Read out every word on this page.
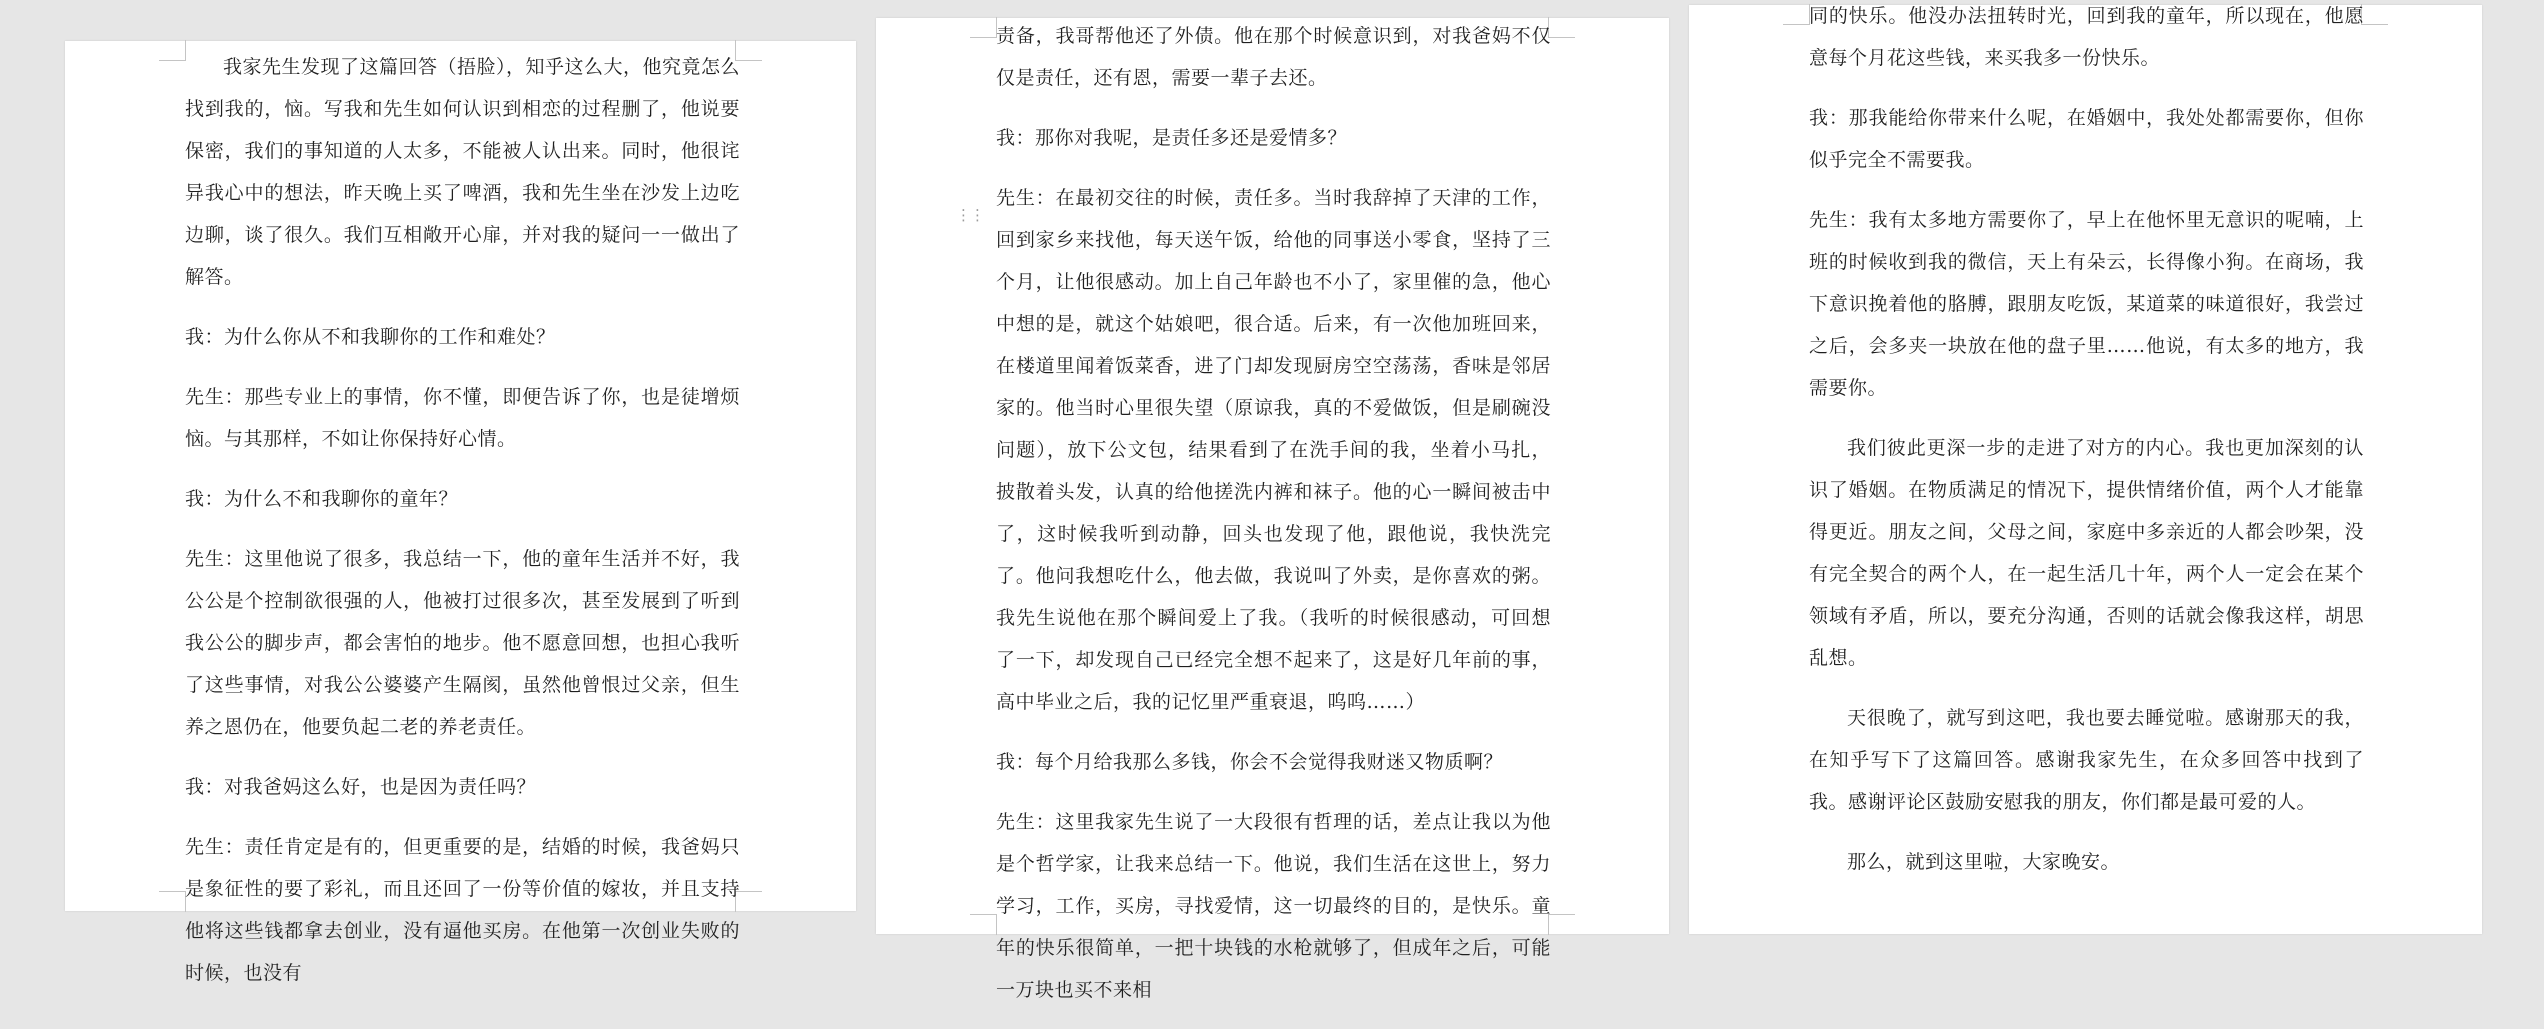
我家先生发现了这篇回答（捂脸），知乎这么大，他究竟怎么找到我的，恼。写我和先生如何认识到相恋的过程删了，他说要保密，我们的事知道的人太多，不能被人认出来。同时，他很诧异我心中的想法，昨天晚上买了啤酒，我和先生坐在沙发上边吃边聊，谈了很久。我们互相敞开心扉，并对我的疑问一一做出了解答。

我：为什么你从不和我聊你的工作和难处？

先生：那些专业上的事情，你不懂，即便告诉了你，也是徒增烦恼。与其那样，不如让你保持好心情。

我：为什么不和我聊你的童年？

先生：这里他说了很多，我总结一下，他的童年生活并不好，我公公是个控制欲很强的人，他被打过很多次，甚至发展到了听到我公公的脚步声，都会害怕的地步。他不愿意回想，也担心我听了这些事情，对我公公婆婆产生隔阂，虽然他曾恨过父亲，但生养之恩仍在，他要负起二老的养老责任。

我：对我爸妈这么好，也是因为责任吗？

先生：责任肯定是有的，但更重要的是，结婚的时候，我爸妈只是象征性的要了彩礼，而且还回了一份等价值的嫁妆，并且支持他将这些钱都拿去创业，没有逼他买房。在他第一次创业失败的时候，也没有

⋮⋮

责备，我哥帮他还了外债。他在那个时候意识到，对我爸妈不仅仅是责任，还有恩，需要一辈子去还。

我：那你对我呢，是责任多还是爱情多？

先生：在最初交往的时候，责任多。当时我辞掉了天津的工作，回到家乡来找他，每天送午饭，给他的同事送小零食，坚持了三个月，让他很感动。加上自己年龄也不小了，家里催的急，他心中想的是，就这个姑娘吧，很合适。后来，有一次他加班回来，在楼道里闻着饭菜香，进了门却发现厨房空空荡荡，香味是邻居家的。他当时心里很失望（原谅我，真的不爱做饭，但是刷碗没问题），放下公文包，结果看到了在洗手间的我，坐着小马扎，披散着头发，认真的给他搓洗内裤和袜子。他的心一瞬间被击中了，这时候我听到动静，回头也发现了他，跟他说，我快洗完了。他问我想吃什么，他去做，我说叫了外卖，是你喜欢的粥。我先生说他在那个瞬间爱上了我。（我听的时候很感动，可回想了一下，却发现自己已经完全想不起来了，这是好几年前的事，高中毕业之后，我的记忆里严重衰退，呜呜……）

我：每个月给我那么多钱，你会不会觉得我财迷又物质啊？

先生：这里我家先生说了一大段很有哲理的话，差点让我以为他是个哲学家，让我来总结一下。他说，我们生活在这世上，努力学习，工作，买房，寻找爱情，这一切最终的目的，是快乐。童年的快乐很简单，一把十块钱的水枪就够了，但成年之后，可能一万块也买不来相

同的快乐。他没办法扭转时光，回到我的童年，所以现在，他愿意每个月花这些钱，来买我多一份快乐。

我：那我能给你带来什么呢，在婚姻中，我处处都需要你，但你似乎完全不需要我。

先生：我有太多地方需要你了，早上在他怀里无意识的呢喃，上班的时候收到我的微信，天上有朵云，长得像小狗。在商场，我下意识挽着他的胳膊，跟朋友吃饭，某道菜的味道很好，我尝过之后，会多夹一块放在他的盘子里……他说，有太多的地方，我需要你。

我们彼此更深一步的走进了对方的内心。我也更加深刻的认识了婚姻。在物质满足的情况下，提供情绪价值，两个人才能靠得更近。朋友之间，父母之间，家庭中多亲近的人都会吵架，没有完全契合的两个人，在一起生活几十年，两个人一定会在某个领域有矛盾，所以，要充分沟通，否则的话就会像我这样，胡思乱想。

天很晚了，就写到这吧，我也要去睡觉啦。感谢那天的我，在知乎写下了这篇回答。感谢我家先生，在众多回答中找到了我。感谢评论区鼓励安慰我的朋友，你们都是最可爱的人。

那么，就到这里啦，大家晚安。
